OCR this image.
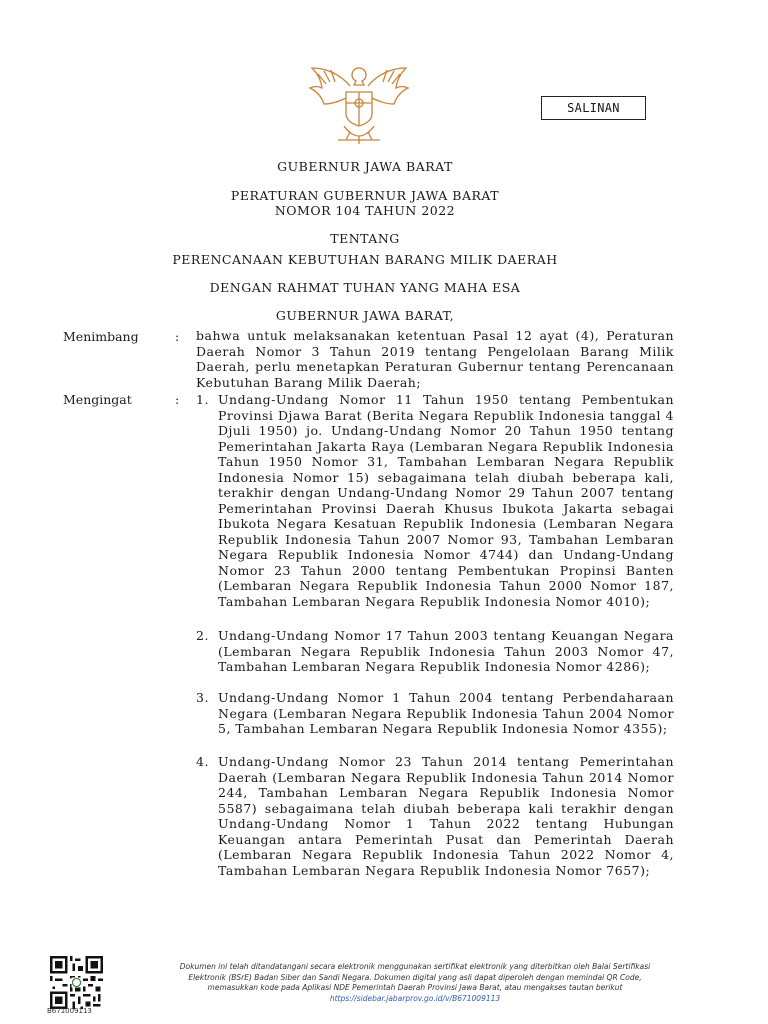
SALINAN
GUBERNUR JAWA BARAT
PERATURAN GUBERNUR JAWA BARAT
NOMOR 104 TAHUN 2022
TENTANG
PERENCANAAN KEBUTUHAN BARANG MILIK DAERAH
DENGAN RAHMAT TUHAN YANG MAHA ESA
GUBERNUR JAWA BARAT,
Menimbang	: bahwa untuk melaksanakan ketentuan Pasal 12 ayat (4), Peraturan Daerah Nomor 3 Tahun 2019 tentang Pengelolaan Barang Milik Daerah, perlu menetapkan Peraturan Gubernur tentang Perencanaan Kebutuhan Barang Milik Daerah;

Mengingat	: 1. Undang-Undang Nomor 11 Tahun 1950 tentang Pembentukan Provinsi Djawa Barat (Berita Negara Republik Indonesia tanggal 4 Djuli 1950) jo. Undang-Undang Nomor 20 Tahun 1950 tentang Pemerintahan Jakarta Raya (Lembaran Negara Republik Indonesia Tahun 1950 Nomor 31, Tambahan Lembaran Negara Republik Indonesia Nomor 15) sebagaimana telah diubah beberapa kali, terakhir dengan Undang-Undang Nomor 29 Tahun 2007 tentang Pemerintahan Provinsi Daerah Khusus Ibukota Jakarta sebagai Ibukota Negara Kesatuan Republik Indonesia (Lembaran Negara Republik Indonesia Tahun 2007 Nomor 93, Tambahan Lembaran Negara Republik Indonesia Nomor 4744) dan Undang-Undang Nomor 23 Tahun 2000 tentang Pembentukan Propinsi Banten (Lembaran Negara Republik Indonesia Tahun 2000 Nomor 187, Tambahan Lembaran Negara Republik Indonesia Nomor 4010);

2. Undang-Undang Nomor 17 Tahun 2003 tentang Keuangan Negara (Lembaran Negara Republik Indonesia Tahun 2003 Nomor 47, Tambahan Lembaran Negara Republik Indonesia Nomor 4286);

3. Undang-Undang Nomor 1 Tahun 2004 tentang Perbendaharaan Negara (Lembaran Negara Republik Indonesia Tahun 2004 Nomor 5, Tambahan Lembaran Negara Republik Indonesia Nomor 4355);

4. Undang-Undang Nomor 23 Tahun 2014 tentang Pemerintahan Daerah (Lembaran Negara Republik Indonesia Tahun 2014 Nomor 244, Tambahan Lembaran Negara Republik Indonesia Nomor 5587) sebagaimana telah diubah beberapa kali terakhir dengan Undang-Undang Nomor 1 Tahun 2022 tentang Hubungan Keuangan antara Pemerintah Pusat dan Pemerintah Daerah (Lembaran Negara Republik Indonesia Tahun 2022 Nomor 4, Tambahan Lembaran Negara Republik Indonesia Nomor 7657);

B671009113
Dokumen ini telah ditandatangani secara elektronik menggunakan sertifikat elektronik yang diterbitkan oleh Balai Sertifikasi
Elektronik (BSrE) Badan Siber dan Sandi Negara. Dokumen digital yang asli dapat diperoleh dengan memindai QR Code,
memasukkan kode pada Aplikasi NDE Pemerintah Daerah Provinsi Jawa Barat, atau mengakses tautan berikut
https://sidebar.jabarprov.go.id/v/B671009113
